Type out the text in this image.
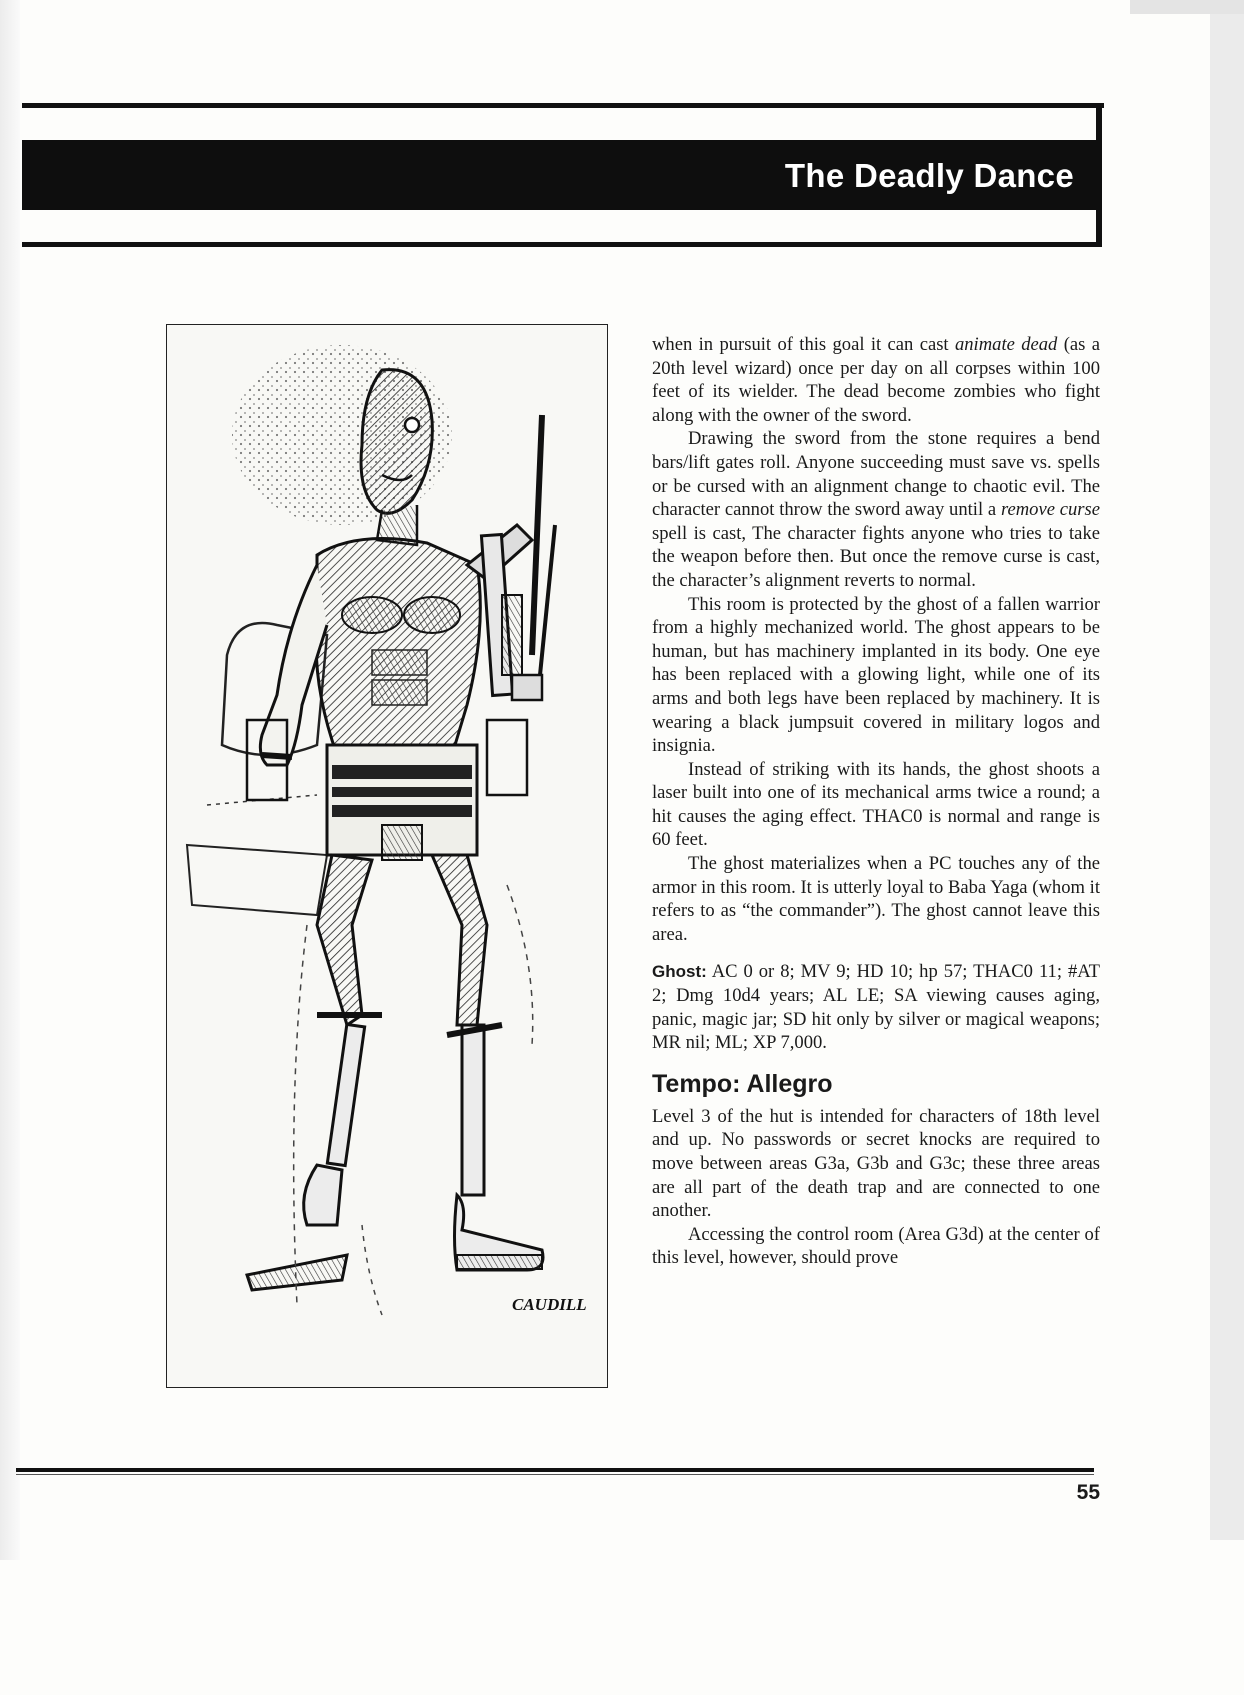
The Deadly Dance
CAUDILL

when in pursuit of this goal it can cast animate dead (as a 20th level wizard) once per day on all corpses within 100 feet of its wielder. The dead become zombies who fight along with the owner of the sword.

Drawing the sword from the stone requires a bend bars/lift gates roll. Anyone succeeding must save vs. spells or be cursed with an alignment change to chaotic evil. The character cannot throw the sword away until a remove curse spell is cast, The character fights anyone who tries to take the weapon before then. But once the remove curse is cast, the character’s alignment reverts to normal.

This room is protected by the ghost of a fallen warrior from a highly mechanized world. The ghost appears to be human, but has machinery implanted in its body. One eye has been replaced with a glowing light, while one of its arms and both legs have been replaced by machinery. It is wearing a black jumpsuit covered in military logos and insignia.

Instead of striking with its hands, the ghost shoots a laser built into one of its mechanical arms twice a round; a hit causes the aging effect. THAC0 is normal and range is 60 feet.

The ghost materializes when a PC touches any of the armor in this room. It is utterly loyal to Baba Yaga (whom it refers to as “the commander”). The ghost cannot leave this area.

Ghost: AC 0 or 8; MV 9; HD 10; hp 57; THAC0 11; #AT 2; Dmg 10d4 years; AL LE; SA viewing causes aging, panic, magic jar; SD hit only by silver or magical weapons; MR nil; ML; XP 7,000.

Tempo: Allegro

Level 3 of the hut is intended for characters of 18th level and up. No passwords or secret knocks are required to move between areas G3a, G3b and G3c; these three areas are all part of the death trap and are connected to one another.

Accessing the control room (Area G3d) at the center of this level, however, should prove

55
